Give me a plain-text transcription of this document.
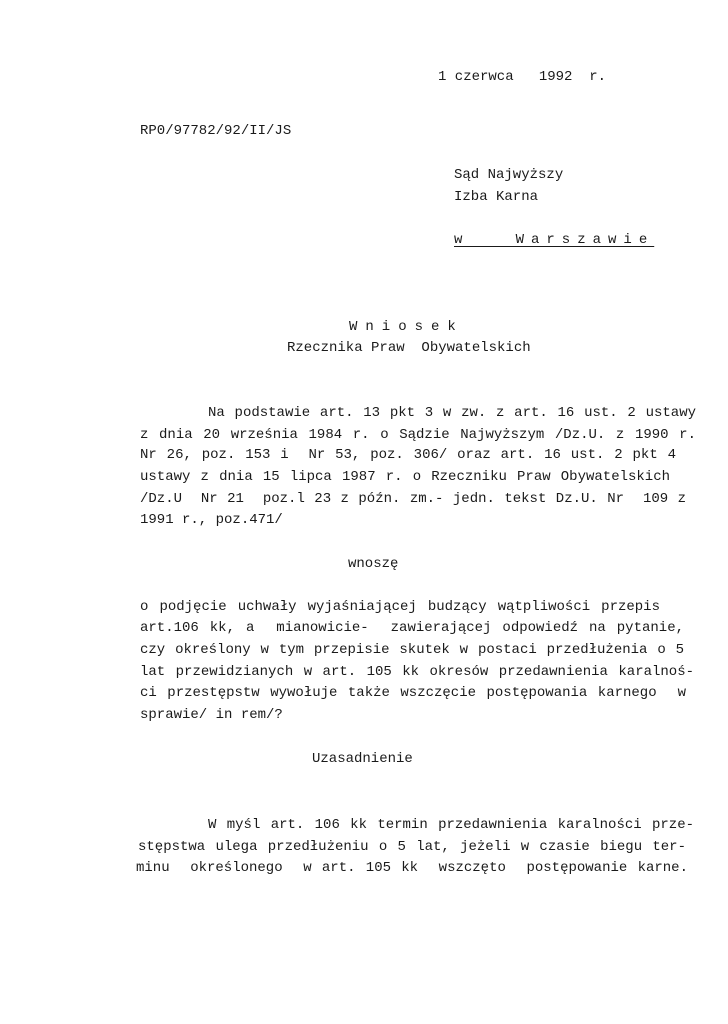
1 czerwca   1992  r.
RP0/97782/92/II/JS
Sąd Najwyższy
Izba Karna
w   Warszawie
Wniosek
Rzecznika Praw  Obywatelskich
Na podstawie art. 13 pkt 3 w zw. z art. 16 ust. 2 ustawy
z dnia 20 września 1984 r. o Sądzie Najwyższym /Dz.U. z 1990 r.
Nr 26, poz. 153 i  Nr 53, poz. 306/ oraz art. 16 ust. 2 pkt 4
ustawy z dnia 15 lipca 1987 r. o Rzeczniku Praw Obywatelskich
/Dz.U  Nr 21  poz.l 23 z późn. zm.- jedn. tekst Dz.U. Nr  109 z
1991 r., poz.471/
wnoszę
o podjęcie uchwały wyjaśniającej budzący wątpliwości przepis
art.106 kk, a  mianowicie-  zawierającej odpowiedź na pytanie,
czy określony w tym przepisie skutek w postaci przedłużenia o 5
lat przewidzianych w art. 105 kk okresów przedawnienia karalnoś-
ci przestępstw wywołuje także wszczęcie postępowania karnego  w
sprawie/ in rem/?
Uzasadnienie
W myśl art. 106 kk termin przedawnienia karalności prze-
stępstwa ulega przedłużeniu o 5 lat, jeżeli w czasie biegu ter-
minu  określonego  w art. 105 kk  wszczęto  postępowanie karne.
